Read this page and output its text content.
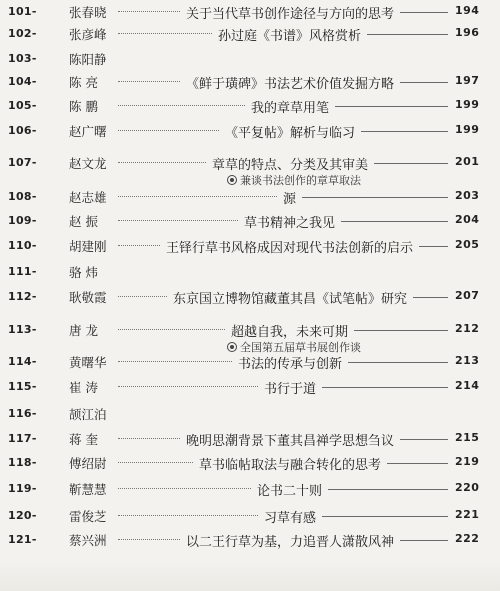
101-	张春晓	关于当代草书创作途径与方向的思考	194
102-	张彦峰	孙过庭《书谱》风格赏析	196
103-	陈阳静
104-	陈 亮	《鲜于璜碑》书法艺术价值发掘方略	197
105-	陈 鹏	我的章草用笔	199
106-	赵广曙	《平复帖》解析与临习	199
107-	赵文龙	章草的特点、分类及其审美	201
兼谈书法创作的章草取法
108-	赵志雄	源	203
109-	赵 振	草书精神之我见	204
110-	胡建刚	王铎行草书风格成因对现代书法创新的启示	205
111-	骆 炜
112-	耿敬霞	东京国立博物馆藏董其昌《试笔帖》研究	207
113-	唐 龙	超越自我，未来可期	212
全国第五届草书展创作谈
114-	黄曙华	书法的传承与创新	213
115-	崔 涛	书行于道	214
116-	颉江泊
117-	蒋 奎	晚明思潮背景下董其昌禅学思想刍议	215
118-	傅绍尉	草书临帖取法与融合转化的思考	219
119-	靳慧慧	论书二十则	220
120-	雷俊芝	习草有感	221
121-	蔡兴洲	以二王行草为基，力追晋人潇散风神	222
